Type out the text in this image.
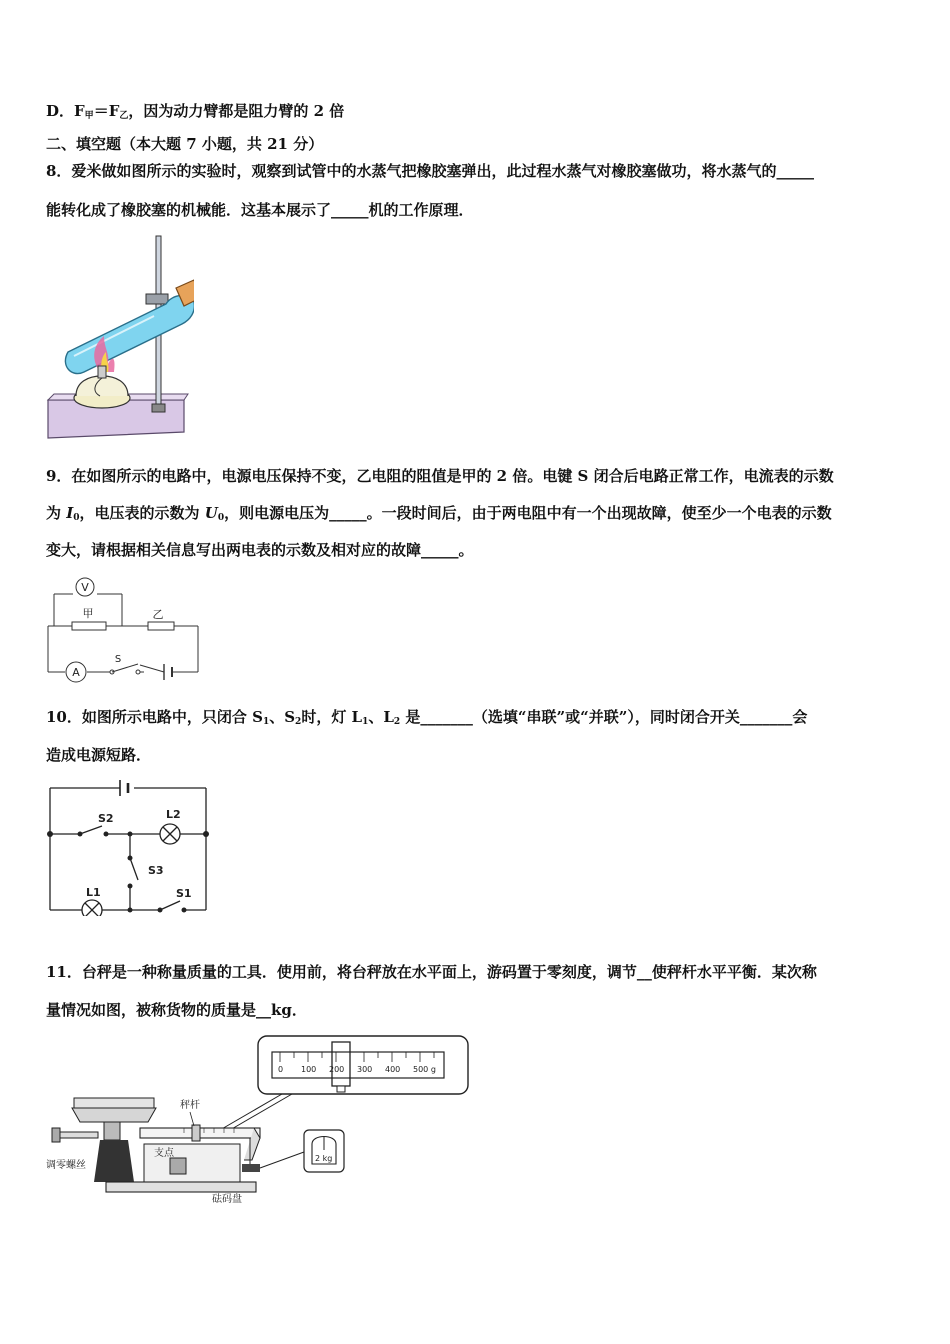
D．$F_甲=F_乙$，因为动力臂都是阻力臂的 2 倍
二、填空题（本大题 7 小题，共 21 分）
8．爱米做如图所示的实验时，观察到试管中的水蒸气把橡胶塞弹出，此过程水蒸气对橡胶塞做功，将水蒸气的_____
能转化成了橡胶塞的机械能．这基本展示了_____机的工作原理．
9．在如图所示的电路中，电源电压保持不变，乙电阻的阻值是甲的 2 倍。电键 S 闭合后电路正常工作，电流表的示数
为 $I_0$，电压表的示数为 $U_0$，则电源电压为_____。一段时间后，由于两电阻中有一个出现故障，使至少一个电表的示数
变大，请根据相关信息写出两电表的示数及相对应的故障_____。
V
A
甲	乙
S
10．如图所示电路中，只闭合 $S_1$、$S_2$时，灯 $L_1$、$L_2$ 是_______（选填“串联”或“并联”），同时闭合开关_______会
造成电源短路．
S2	L2
S3
L1	S1
11．台秤是一种称量质量的工具．使用前，将台秤放在水平面上，游码置于零刻度，调节__使秤杆水平平衡．某次称
量情况如图，被称货物的质量是__kg．
0 100 200 300 400 500 g
2 kg
秤杆
支点
调零螺丝
砝码盘
